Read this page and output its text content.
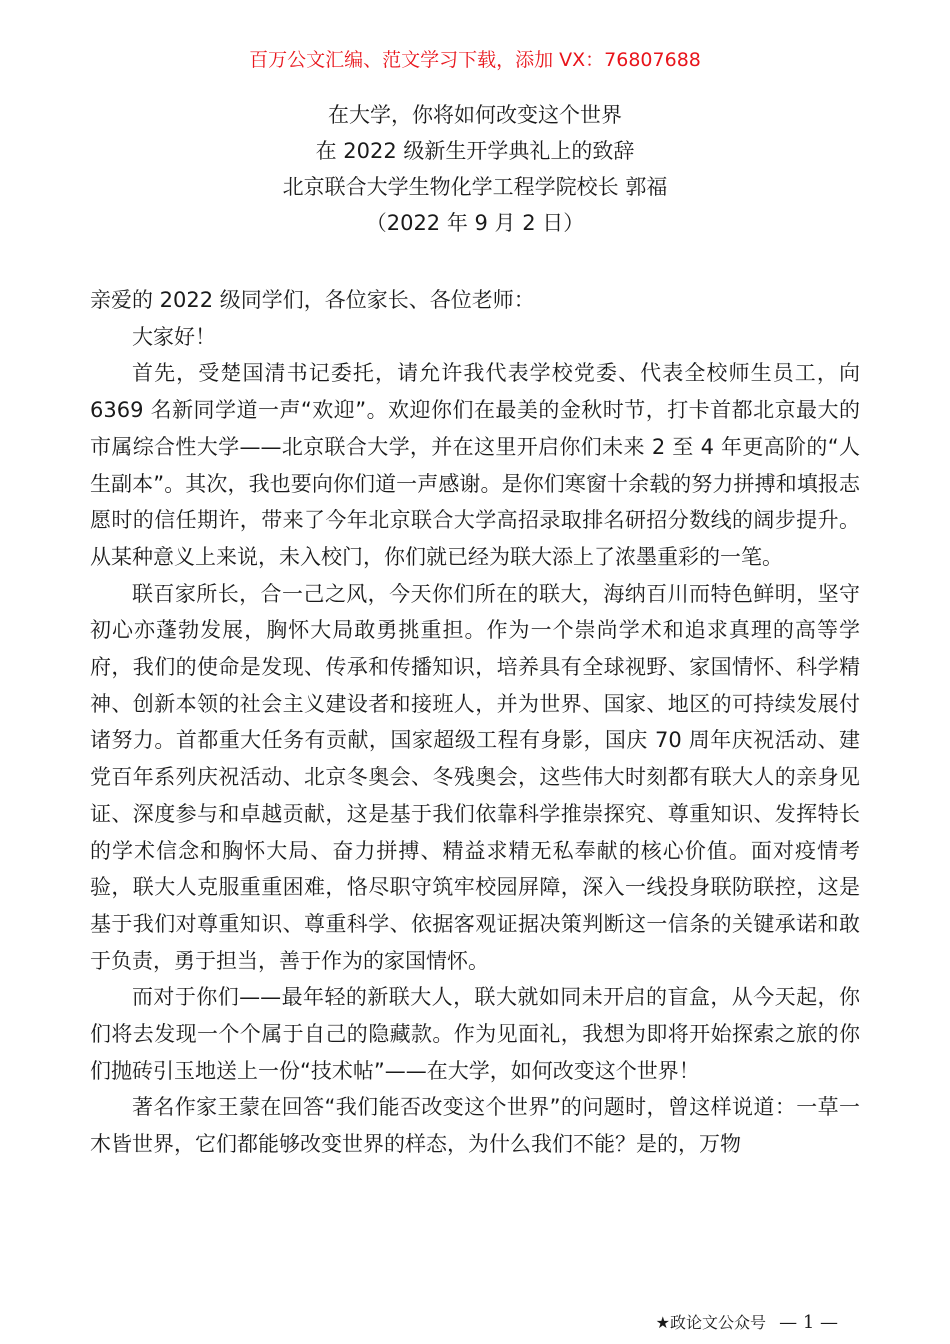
百万公文汇编、范文学习下载，添加 VX：76807688
在大学，你将如何改变这个世界
在 2022 级新生开学典礼上的致辞
北京联合大学生物化学工程学院校长 郭福
（2022 年 9 月 2 日）

亲爱的 2022 级同学们，各位家长、各位老师：

大家好！

首先，受楚国清书记委托，请允许我代表学校党委、代表全校师生员工，向 6369 名新同学道一声“欢迎”。欢迎你们在最美的金秋时节，打卡首都北京最大的市属综合性大学——北京联合大学，并在这里开启你们未来 2 至 4 年更高阶的“人生副本”。其次，我也要向你们道一声感谢。是你们寒窗十余载的努力拼搏和填报志愿时的信任期许，带来了今年北京联合大学高招录取排名研招分数线的阔步提升。从某种意义上来说，未入校门，你们就已经为联大添上了浓墨重彩的一笔。

联百家所长，合一己之风，今天你们所在的联大，海纳百川而特色鲜明，坚守初心亦蓬勃发展，胸怀大局敢勇挑重担。作为一个崇尚学术和追求真理的高等学府，我们的使命是发现、传承和传播知识，培养具有全球视野、家国情怀、科学精神、创新本领的社会主义建设者和接班人，并为世界、国家、地区的可持续发展付诸努力。首都重大任务有贡献，国家超级工程有身影，国庆 70 周年庆祝活动、建党百年系列庆祝活动、北京冬奥会、冬残奥会，这些伟大时刻都有联大人的亲身见证、深度参与和卓越贡献，这是基于我们依靠科学推崇探究、尊重知识、发挥特长的学术信念和胸怀大局、奋力拼搏、精益求精无私奉献的核心价值。面对疫情考验，联大人克服重重困难，恪尽职守筑牢校园屏障，深入一线投身联防联控，这是基于我们对尊重知识、尊重科学、依据客观证据决策判断这一信条的关键承诺和敢于负责，勇于担当，善于作为的家国情怀。

而对于你们——最年轻的新联大人，联大就如同未开启的盲盒，从今天起，你们将去发现一个个属于自己的隐藏款。作为见面礼，我想为即将开始探索之旅的你们抛砖引玉地送上一份“技术帖”——在大学，如何改变这个世界！

著名作家王蒙在回答“我们能否改变这个世界”的问题时，曾这样说道：一草一木皆世界，它们都能够改变世界的样态，为什么我们不能？是的，万物

★政论文公众号 — 1 —
